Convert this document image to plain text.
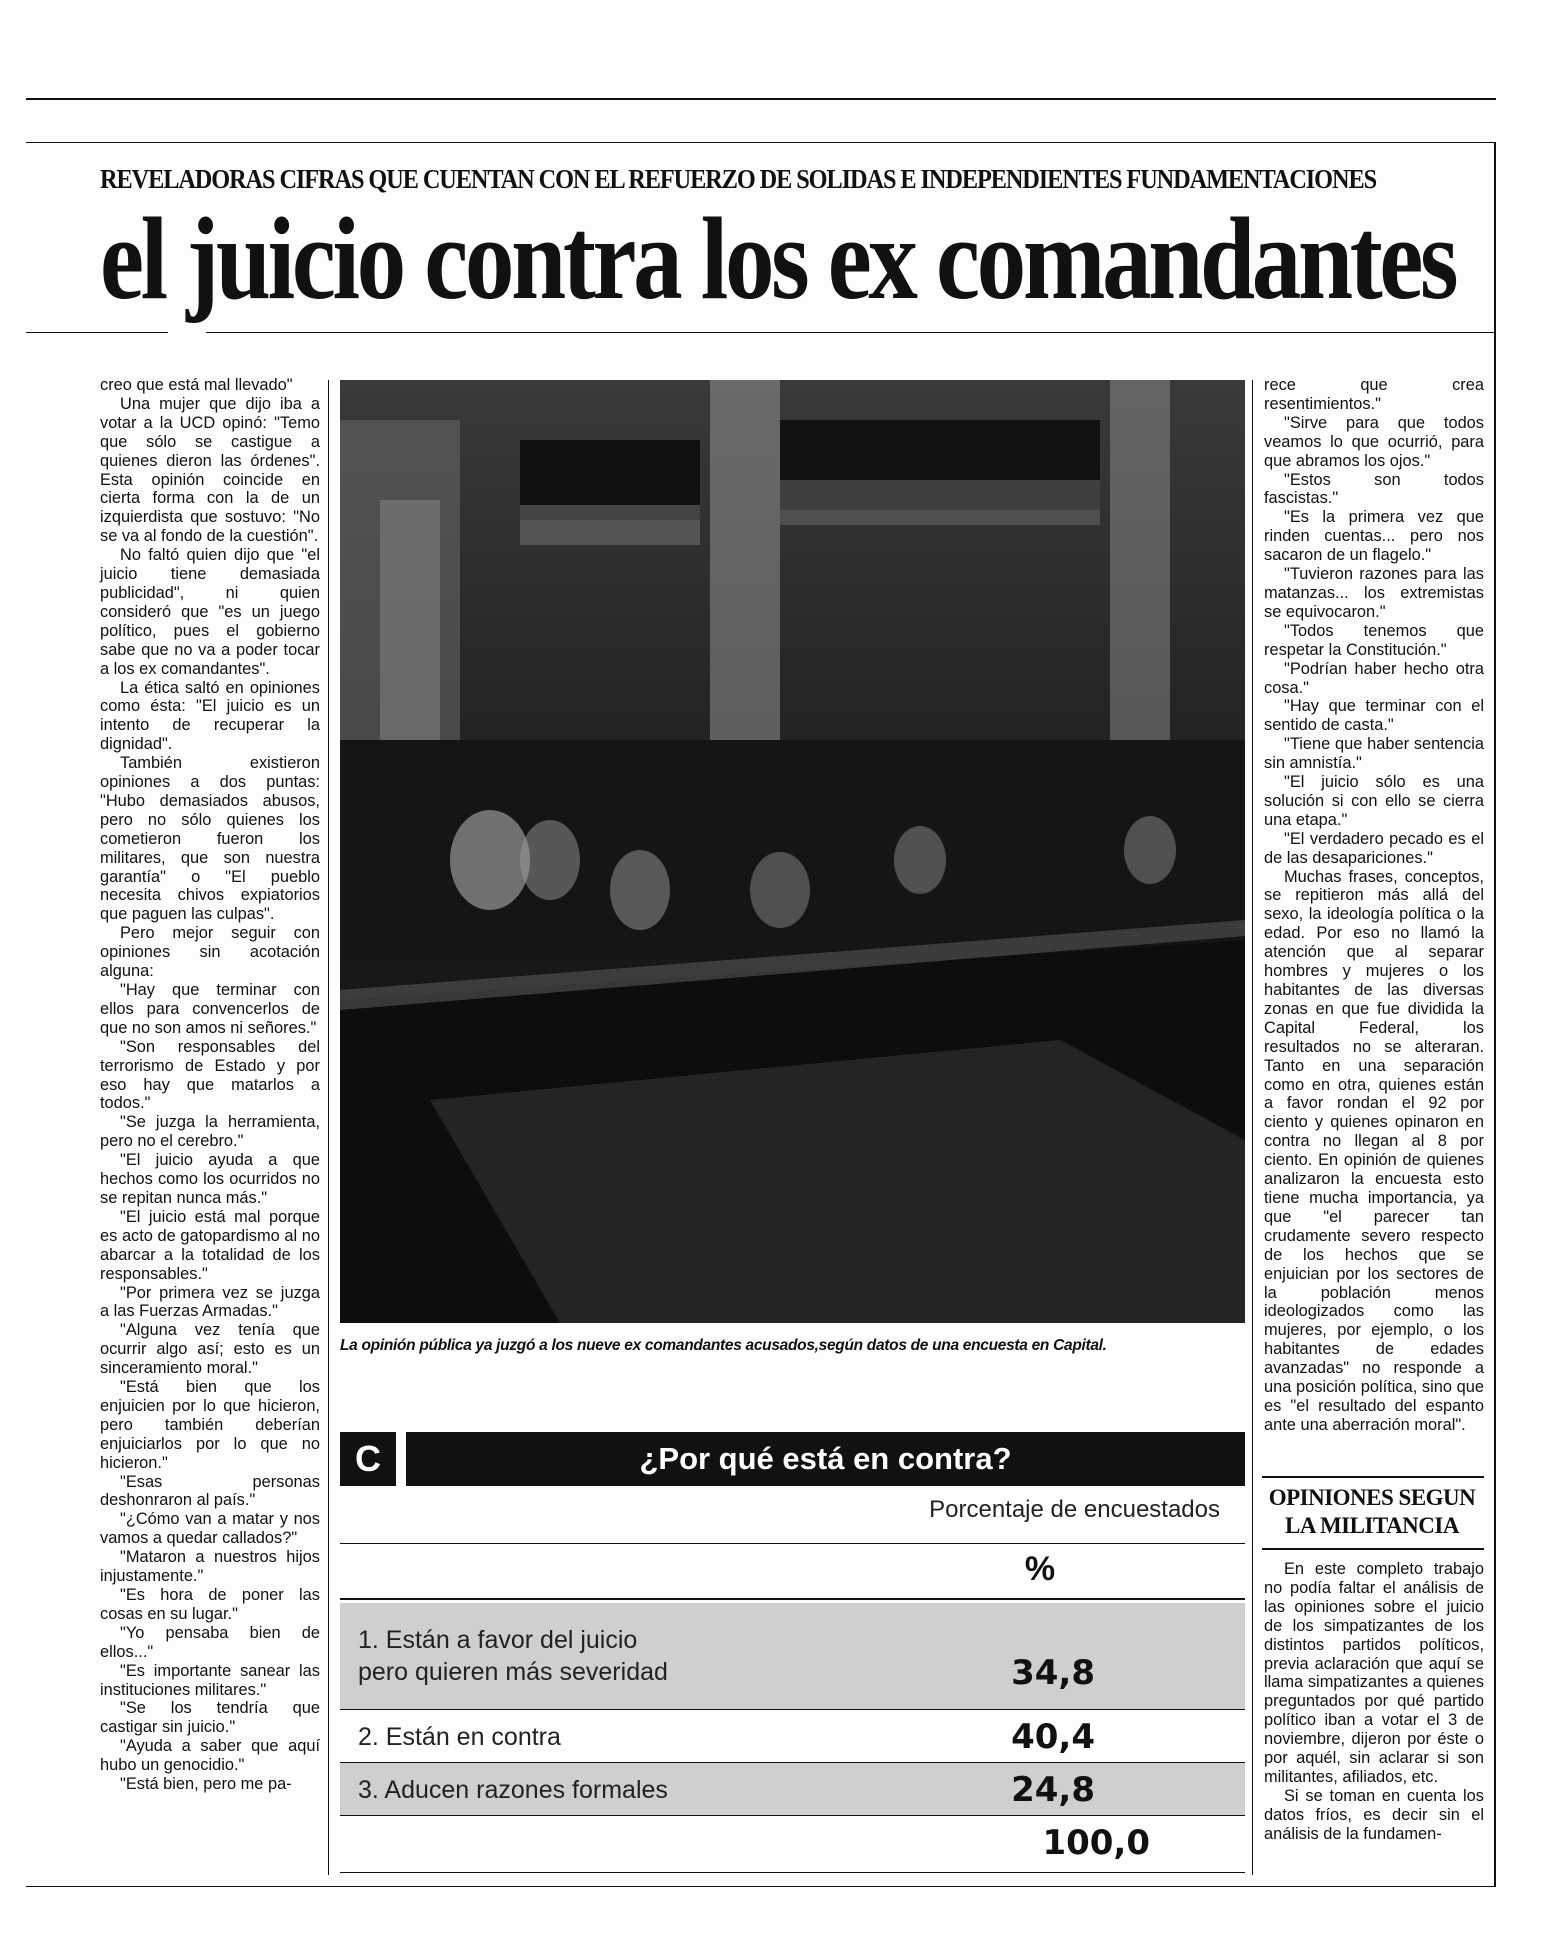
REVELADORAS CIFRAS QUE CUENTAN CON EL REFUERZO DE SOLIDAS E INDEPENDIENTES FUNDAMENTACIONES
el juicio contra los ex comandantes

creo que está mal llevado"

Una mujer que dijo iba a votar a la UCD opinó: "Temo que sólo se castigue a quienes dieron las órdenes". Esta opinión coincide en cierta forma con la de un izquierdista que sostuvo: "No se va al fondo de la cuestión".

No faltó quien dijo que "el juicio tiene demasiada publicidad", ni quien consideró que "es un juego político, pues el gobierno sabe que no va a poder tocar a los ex comandantes".

La ética saltó en opiniones como ésta: "El juicio es un intento de recuperar la dignidad".

También existieron opiniones a dos puntas: "Hubo demasiados abusos, pero no sólo quienes los cometieron fueron los militares, que son nuestra garantía" o "El pueblo necesita chivos expiatorios que paguen las culpas".

Pero mejor seguir con opiniones sin acotación alguna:

"Hay que terminar con ellos para convencerlos de que no son amos ni señores."

"Son responsables del terrorismo de Estado y por eso hay que matarlos a todos."

"Se juzga la herramienta, pero no el cerebro."

"El juicio ayuda a que hechos como los ocurridos no se repitan nunca más."

"El juicio está mal porque es acto de gatopardismo al no abarcar a la totalidad de los responsables."

"Por primera vez se juzga a las Fuerzas Armadas."

"Alguna vez tenía que ocurrir algo así; esto es un sinceramiento moral."

"Está bien que los enjuicien por lo que hicieron, pero también deberían enjuiciarlos por lo que no hicieron."

"Esas personas deshonraron al país."

"¿Cómo van a matar y nos vamos a quedar callados?"

"Mataron a nuestros hijos injustamente."

"Es hora de poner las cosas en su lugar."

"Yo pensaba bien de ellos..."

"Es importante sanear las instituciones militares."

"Se los tendría que castigar sin juicio."

"Ayuda a saber que aquí hubo un genocidio."

"Está bien, pero me pa-

La opinión pública ya juzgó a los nueve ex comandantes acusados,según datos de una encuesta en Capital.
C	¿Por qué está en contra?
Porcentaje de encuestados
%
1. Están a favor del juicio
pero quieren más severidad	34,8
2. Están en contra	40,4
3. Aducen razones formales	24,8
100,0

rece que crea resentimientos."

"Sirve para que todos veamos lo que ocurrió, para que abramos los ojos."

"Estos son todos fascistas."

"Es la primera vez que rinden cuentas... pero nos sacaron de un flagelo."

"Tuvieron razones para las matanzas... los extremistas se equivocaron."

"Todos tenemos que respetar la Constitución."

"Podrían haber hecho otra cosa."

"Hay que terminar con el sentido de casta."

"Tiene que haber sentencia sin amnistía."

"El juicio sólo es una solución si con ello se cierra una etapa."

"El verdadero pecado es el de las desapariciones."

Muchas frases, conceptos, se repitieron más allá del sexo, la ideología política o la edad. Por eso no llamó la atención que al separar hombres y mujeres o los habitantes de las diversas zonas en que fue dividida la Capital Federal, los resultados no se alteraran. Tanto en una separación como en otra, quienes están a favor rondan el 92 por ciento y quienes opinaron en contra no llegan al 8 por ciento. En opinión de quienes analizaron la encuesta esto tiene mucha importancia, ya que "el parecer tan crudamente severo respecto de los hechos que se enjuician por los sectores de la población menos ideologizados como las mujeres, por ejemplo, o los habitantes de edades avanzadas" no responde a una posición política, sino que es "el resultado del espanto ante una aberración moral".

OPINIONES SEGUN
LA MILITANCIA

En este completo trabajo no podía faltar el análisis de las opiniones sobre el juicio de los simpatizantes de los distintos partidos políticos, previa aclaración que aquí se llama simpatizantes a quienes preguntados por qué partido político iban a votar el 3 de noviembre, dijeron por éste o por aquél, sin aclarar si son militantes, afiliados, etc.

Si se toman en cuenta los datos fríos, es decir sin el análisis de la fundamen-
